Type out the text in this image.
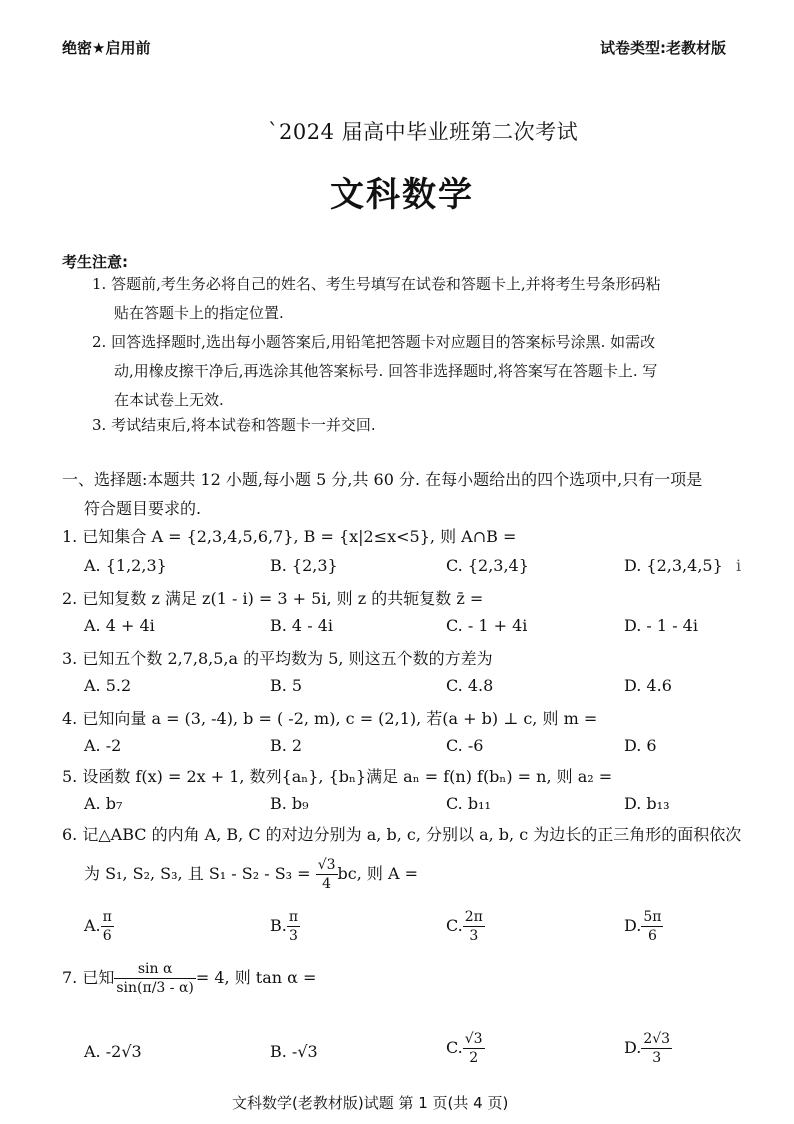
绝密★启用前	试卷类型:老教材版
`2024 届高中毕业班第二次考试
文科数学
考生注意:
1. 答题前,考生务必将自己的姓名、考生号填写在试卷和答题卡上,并将考生号条形码粘
贴在答题卡上的指定位置.
2. 回答选择题时,选出每小题答案后,用铅笔把答题卡对应题目的答案标号涂黑. 如需改
动,用橡皮擦干净后,再选涂其他答案标号. 回答非选择题时,将答案写在答题卡上. 写
在本试卷上无效.
3. 考试结束后,将本试卷和答题卡一并交回.
一、选择题:本题共 12 小题,每小题 5 分,共 60 分. 在每小题给出的四个选项中,只有一项是
符合题目要求的.
1. 已知集合 A = {2,3,4,5,6,7}, B = {x|2≤x<5}, 则 A∩B =
A. {1,2,3}	B. {2,3}	C. {2,3,4}	D. {2,3,4,5} i
2. 已知复数 z 满足 z(1 - i) = 3 + 5i, 则 z 的共轭复数 z̄ =
A. 4 + 4i	B. 4 - 4i	C. - 1 + 4i	D. - 1 - 4i
3. 已知五个数 2,7,8,5,a 的平均数为 5, 则这五个数的方差为
A. 5.2	B. 5	C. 4.8	D. 4.6
4. 已知向量 a = (3, -4), b = ( -2, m), c = (2,1), 若(a + b) ⊥ c, 则 m =
A. -2	B. 2	C. -6	D. 6
5. 设函数 f(x) = 2x + 1, 数列{aₙ}, {bₙ}满足 aₙ = f(n) f(bₙ) = n, 则 a₂ =
A. b₇	B. b₉	C. b₁₁	D. b₁₃
6. 记△ABC 的内角 A, B, C 的对边分别为 a, b, c, 分别以 a, b, c 为边长的正三角形的面积依次
为 S₁, S₂, S₃, 且 $S_1 - S_2 - S_3 = \frac{√3}{4}$ bc, 则 A =
A. $\frac{\pi}{6}$	B. $\frac{\pi}{3}$	C. $\frac{2\pi}{3}$	D. $\frac{5\pi}{6}$
7. 已知 $\frac{\text{sin α}}{\sin(\pi/3 - \alpha)} = 4$, 则 tan α =
A. -2√3	B. -√3	C. $\frac{√3}{2}$	D. $\frac{2√3}{3}$
文科数学(老教材版)试题 第 1 页(共 4 页)
